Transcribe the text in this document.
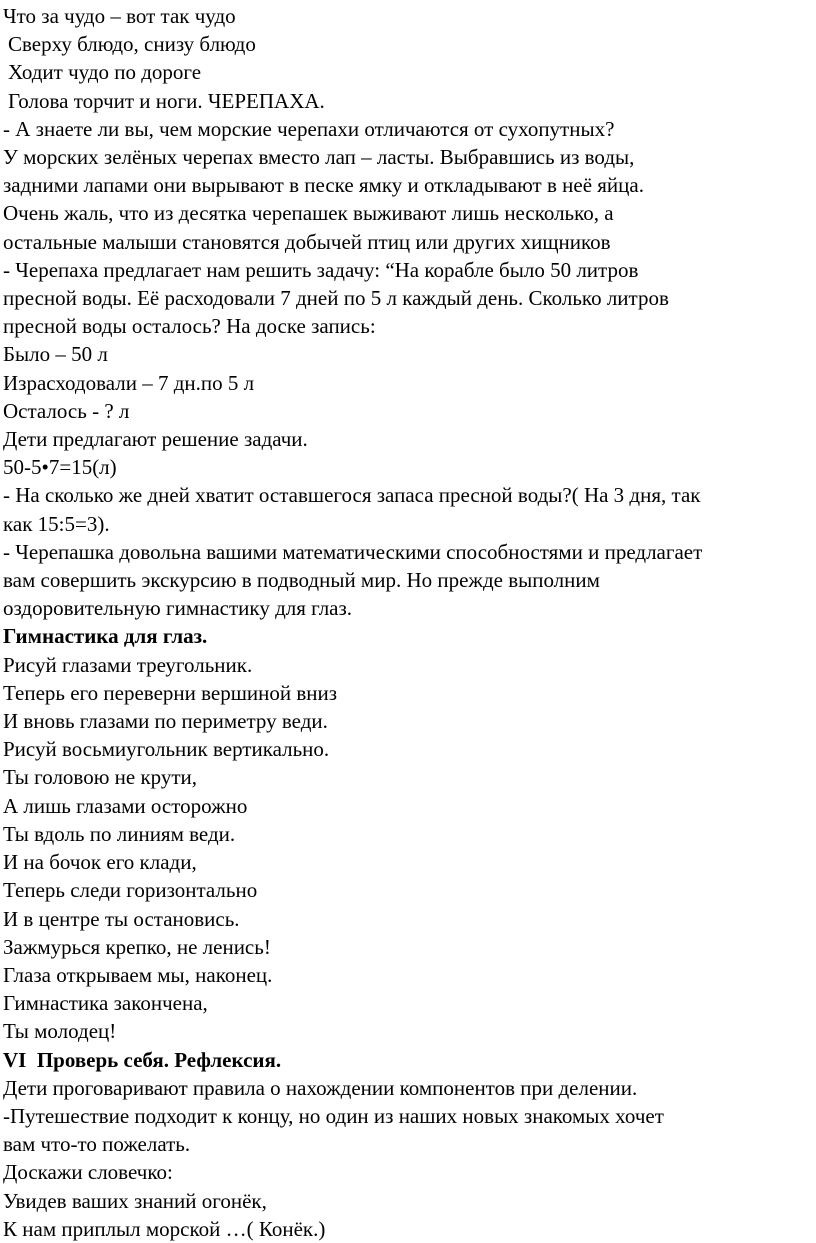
Что за чудо – вот так чудо
Сверху блюдо, снизу блюдо
Ходит чудо по дороге
Голова торчит и ноги. ЧЕРЕПАХА.
- А знаете ли вы, чем морские черепахи отличаются от сухопутных?
У морских зелёных черепах вместо лап – ласты. Выбравшись из воды,
задними лапами они вырывают в песке ямку и откладывают в неё яйца.
Очень жаль, что из десятка черепашек выживают лишь несколько, а
остальные малыши становятся добычей птиц или других хищников
- Черепаха предлагает нам решить задачу: “На корабле было 50 литров
пресной воды. Её расходовали 7 дней по 5 л каждый день. Сколько литров
пресной воды осталось? На доске запись:
Было – 50 л
Израсходовали – 7 дн.по 5 л
Осталось - ? л
Дети предлагают решение задачи.
50-5•7=15(л)
- На сколько же дней хватит оставшегося запаса пресной воды?( На 3 дня, так
как 15:5=3).
- Черепашка довольна вашими математическими способностями и предлагает
вам совершить экскурсию в подводный мир. Но прежде выполним
оздоровительную гимнастику для глаз.
Гимнастика для глаз.
Рисуй глазами треугольник.
Теперь его переверни вершиной вниз
И вновь глазами по периметру веди.
Рисуй восьмиугольник вертикально.
Ты головою не крути,
А лишь глазами осторожно
Ты вдоль по линиям веди.
И на бочок его клади,
Теперь следи горизонтально
И в центре ты остановись.
Зажмурься крепко, не ленись!
Глаза открываем мы, наконец.
Гимнастика закончена,
Ты молодец!
VI  Проверь себя. Рефлексия.
Дети проговаривают правила о нахождении компонентов при делении.
-Путешествие подходит к концу, но один из наших новых знакомых хочет
вам что-то пожелать.
Доскажи словечко:
Увидев ваших знаний огонёк,
К нам приплыл морской …( Конёк.)
